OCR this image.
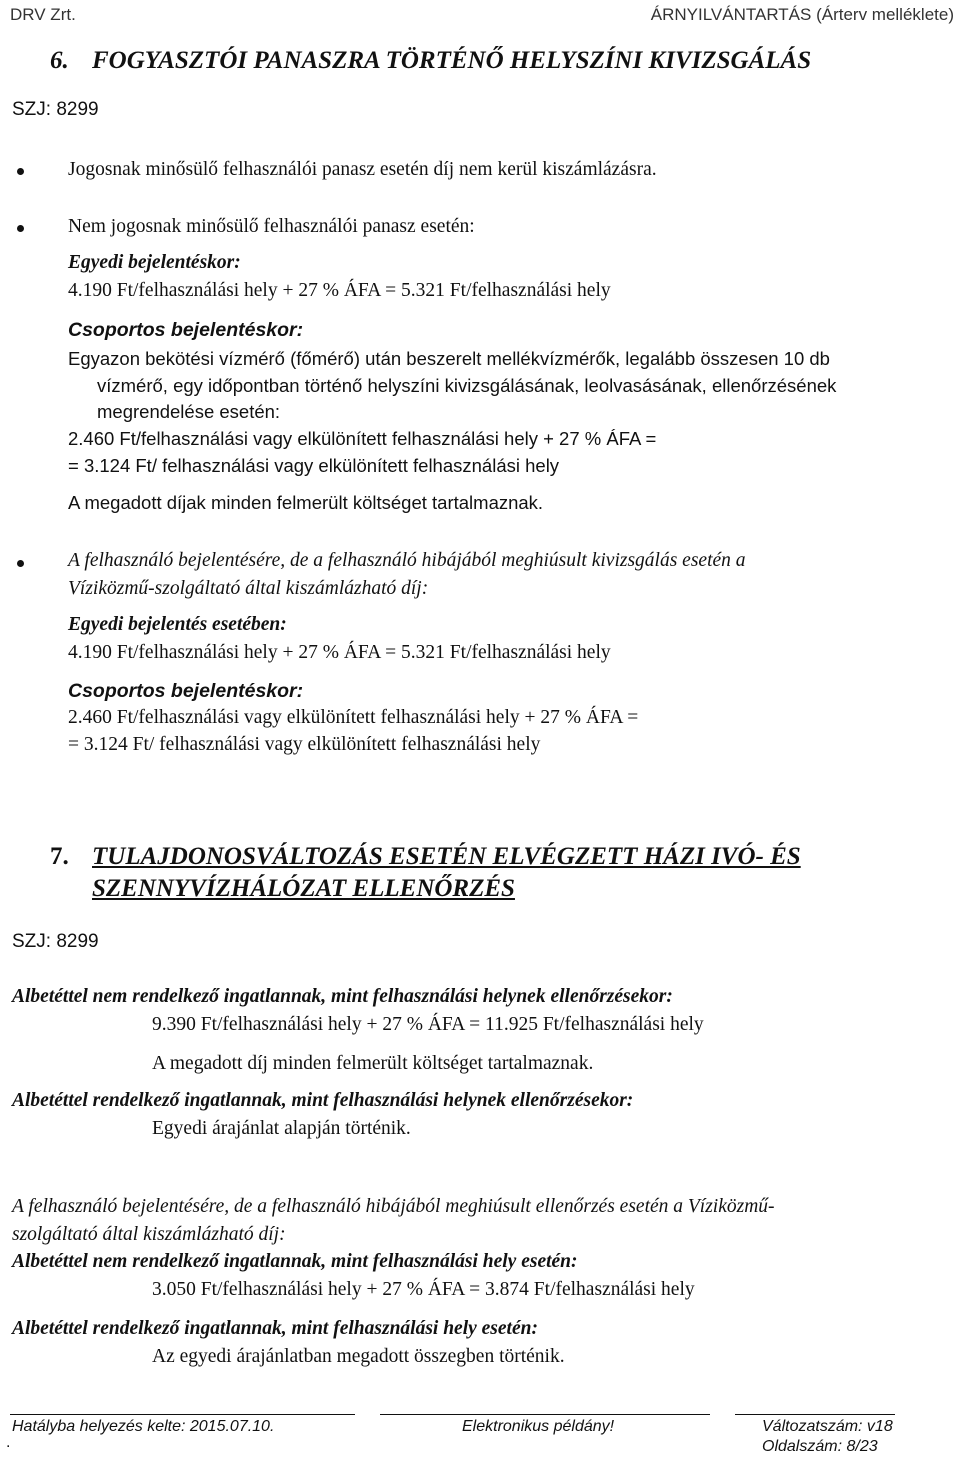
DRV Zrt.	ÁRNYILVÁNTARTÁS (Árterv melléklete)
6. FOGYASZTÓI PANASZRA TÖRTÉNŐ HELYSZÍNI KIVIZSGÁLÁS
SZJ: 8299
Jogosnak minősülő felhasználói panasz esetén díj nem kerül kiszámlázásra.
Nem jogosnak minősülő felhasználói panasz esetén:
Egyedi bejelentéskor:
4.190 Ft/felhasználási hely + 27 % ÁFA = 5.321 Ft/felhasználási hely
Csoportos bejelentéskor:
Egyazon bekötési vízmérő (főmérő) után beszerelt mellékvízmérők, legalább összesen 10 db
vízmérő, egy időpontban történő helyszíni kivizsgálásának, leolvasásának, ellenőrzésének
megrendelése esetén:
2.460 Ft/felhasználási vagy elkülönített felhasználási hely + 27 % ÁFA =
= 3.124 Ft/ felhasználási vagy elkülönített felhasználási hely
A megadott díjak minden felmerült költséget tartalmaznak.
A felhasználó bejelentésére, de a felhasználó hibájából meghiúsult kivizsgálás esetén a
Víziközmű-szolgáltató által kiszámlázható díj:
Egyedi bejelentés esetében:
4.190 Ft/felhasználási hely + 27 % ÁFA = 5.321 Ft/felhasználási hely
Csoportos bejelentéskor:
2.460 Ft/felhasználási vagy elkülönített felhasználási hely + 27 % ÁFA =
= 3.124 Ft/ felhasználási vagy elkülönített felhasználási hely
7. TULAJDONOSVÁLTOZÁS ESETÉN ELVÉGZETT HÁZI IVÓ- ÉS
SZENNYVÍZHÁLÓZAT ELLENŐRZÉS
SZJ: 8299
Albetéttel nem rendelkező ingatlannak, mint felhasználási helynek ellenőrzésekor:
9.390 Ft/felhasználási hely + 27 % ÁFA = 11.925 Ft/felhasználási hely
A megadott díj minden felmerült költséget tartalmaznak.
Albetéttel rendelkező ingatlannak, mint felhasználási helynek ellenőrzésekor:
Egyedi árajánlat alapján történik.
A felhasználó bejelentésére, de a felhasználó hibájából meghiúsult ellenőrzés esetén a Víziközmű-
szolgáltató által kiszámlázható díj:
Albetéttel nem rendelkező ingatlannak, mint felhasználási hely esetén:
3.050 Ft/felhasználási hely + 27 % ÁFA = 3.874 Ft/felhasználási hely
Albetéttel rendelkező ingatlannak, mint felhasználási hely esetén:
Az egyedi árajánlatban megadott összegben történik.
Hatályba helyezés kelte: 2015.07.10.	Elektronikus példány!	Változatszám: v18
.	Oldalszám: 8/23
